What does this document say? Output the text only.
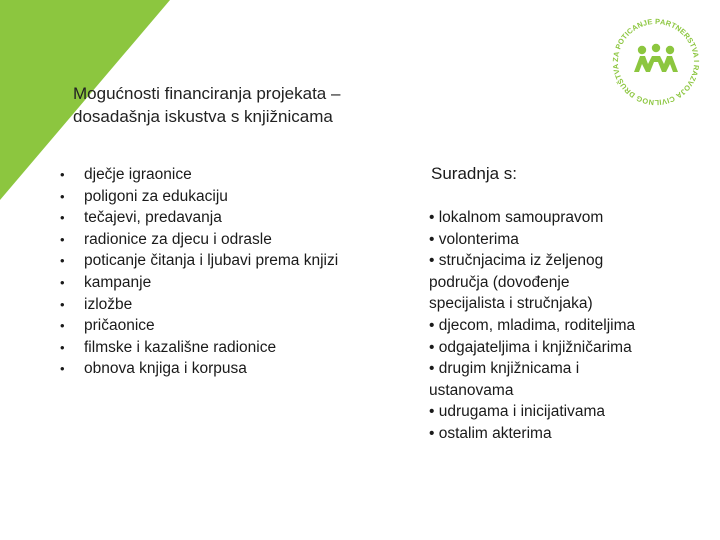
ZA POTICANJE PARTNERSTVA I RAZVOJA CIVILNOG DRUŠTVA
Mogućnosti financiranja projekata –
dosadašnja iskustva s knjižnicama
• dječje igraonice
• poligoni za edukaciju
• tečajevi, predavanja
• radionice za djecu i odrasle
• poticanje čitanja i ljubavi prema knjizi
• kampanje
• izložbe
• pričaonice
• filmske i kazališne radionice
• obnova knjiga i korpusa
Suradnja s:
• lokalnom samoupravom
• volonterima
• stručnjacima iz željenog
područja (dovođenje
specijalista i stručnjaka)
• djecom, mladima, roditeljima
• odgajateljima i knjižničarima
• drugim knjižnicama i
ustanovama
• udrugama i inicijativama
• ostalim akterima
